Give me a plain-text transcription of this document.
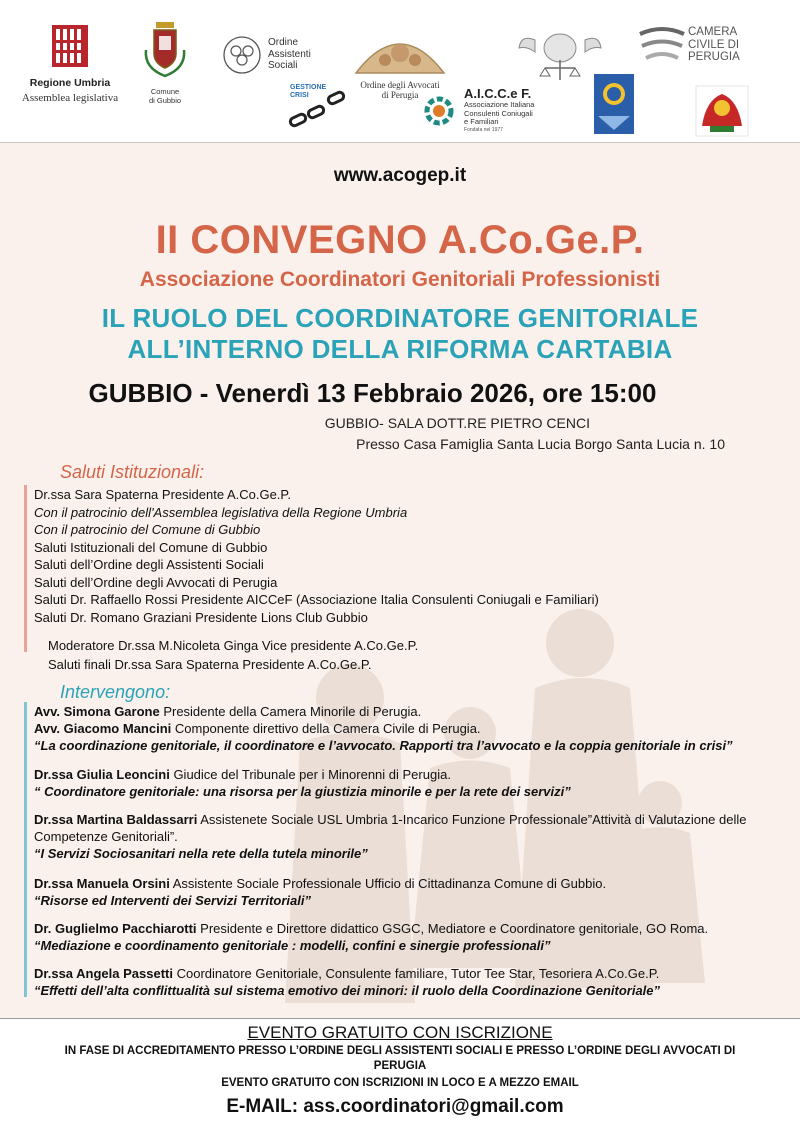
Regione Umbria
Assemblea legislativa
Comune
di Gubbio
Ordine
Assistenti
Sociali
GESTIONE
CRISI
Ordine degli Avvocati
di Perugia	A.I.C.C.e F.
Associazione Italiana
Consulenti Coniugali
e Familiari
Fondata nel 1977
CAMERA
CIVILE DI
PERUGIA
www.acogep.it
II CONVEGNO A.Co.Ge.P.
Associazione Coordinatori Genitoriali Professionisti
IL RUOLO DEL COORDINATORE GENITORIALE
ALL’INTERNO DELLA RIFORMA CARTABIA
GUBBIO - Venerdì 13 Febbraio 2026, ore 15:00
GUBBIO- SALA DOTT.RE PIETRO CENCI
Presso Casa Famiglia Santa Lucia Borgo Santa Lucia n. 10
Saluti Istituzionali:
Dr.ssa Sara Spaterna Presidente A.Co.Ge.P.
Con il patrocinio dell'Assemblea legislativa della Regione Umbria
Con il patrocinio del Comune di Gubbio
Saluti Istituzionali del Comune di Gubbio
Saluti dell’Ordine degli Assistenti Sociali
Saluti dell’Ordine degli Avvocati di Perugia
Saluti Dr. Raffaello Rossi Presidente AICCeF (Associazione Italia Consulenti Coniugali e Familiari)
Saluti Dr. Romano Graziani Presidente Lions Club Gubbio
Moderatore Dr.ssa M.Nicoleta Ginga Vice presidente A.Co.Ge.P.
Saluti finali Dr.ssa Sara Spaterna Presidente A.Co.Ge.P.
Intervengono:
Avv. Simona Garone Presidente della Camera Minorile di Perugia.
Avv. Giacomo Mancini Componente direttivo della Camera Civile di Perugia.
“La coordinazione genitoriale, il coordinatore e l’avvocato. Rapporti tra l’avvocato e la coppia genitoriale in crisi”
Dr.ssa Giulia Leoncini Giudice del Tribunale per i Minorenni di Perugia.
“ Coordinatore genitoriale: una risorsa per la giustizia minorile e per la rete dei servizi”
Dr.ssa Martina Baldassarri Assistenete Sociale USL Umbria 1-Incarico Funzione Professionale”Attività di Valutazione delle Competenze Genitoriali”.
“I Servizi Sociosanitari nella rete della tutela minorile”
Dr.ssa Manuela Orsini Assistente Sociale Professionale Ufficio di Cittadinanza Comune di Gubbio.
“Risorse ed Interventi dei Servizi Territoriali”
Dr. Guglielmo Pacchiarotti Presidente e Direttore didattico GSGC, Mediatore e Coordinatore genitoriale, GO Roma.
“Mediazione e coordinamento genitoriale : modelli, confini e sinergie professionali”
Dr.ssa Angela Passetti Coordinatore Genitoriale, Consulente familiare, Tutor Tee Star, Tesoriera A.Co.Ge.P.
“Effetti dell’alta conflittualità sul sistema emotivo dei minori: il ruolo della Coordinazione Genitoriale”
EVENTO GRATUITO CON ISCRIZIONE
IN FASE DI ACCREDITAMENTO PRESSO L’ORDINE DEGLI ASSISTENTI SOCIALI E PRESSO L’ORDINE DEGLI AVVOCATI DI PERUGIA
EVENTO GRATUITO CON ISCRIZIONI IN LOCO E A MEZZO EMAIL
E-MAIL: ass.coordinatori@gmail.com
